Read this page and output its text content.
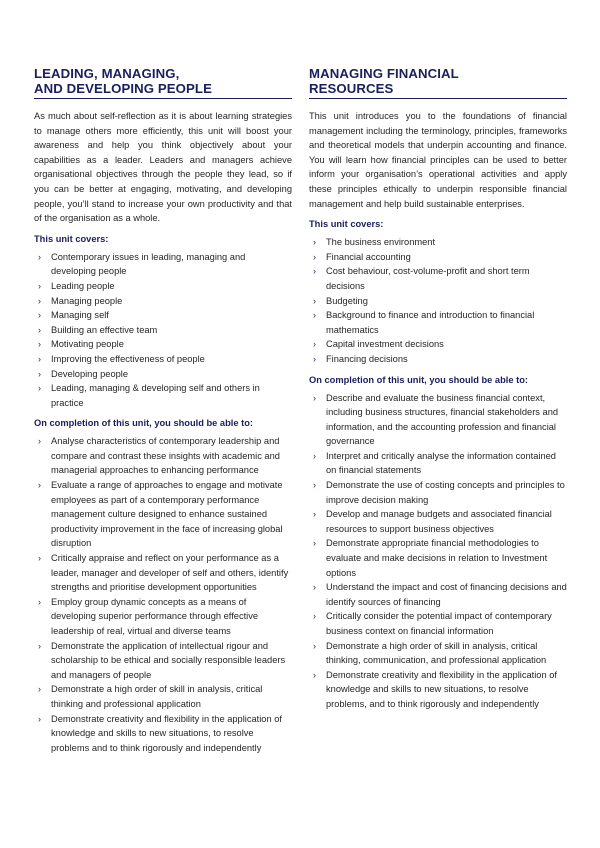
LEADING, MANAGING,
AND DEVELOPING PEOPLE

As much about self-reflection as it is about learning strategies to manage others more efficiently, this unit will boost your awareness and help you think objectively about your capabilities as a leader. Leaders and managers achieve organisational objectives through the people they lead, so if you can be better at engaging, motivating, and developing people, you’ll stand to increase your own productivity and that of the organisation as a whole.

This unit covers:
› Contemporary issues in leading, managing and developing people
› Leading people
› Managing people
› Managing self
› Building an effective team
› Motivating people
› Improving the effectiveness of people
› Developing people
› Leading, managing & developing self and others in practice
On completion of this unit, you should be able to:
› Analyse characteristics of contemporary leadership and compare and contrast these insights with academic and managerial approaches to enhancing performance
› Evaluate a range of approaches to engage and motivate employees as part of a contemporary performance management culture designed to enhance sustained productivity improvement in the face of increasing global disruption
› Critically appraise and reflect on your performance as a leader, manager and developer of self and others, identify strengths and prioritise development opportunities
› Employ group dynamic concepts as a means of developing superior performance through effective leadership of real, virtual and diverse teams
› Demonstrate the application of intellectual rigour and scholarship to be ethical and socially responsible leaders and managers of people
› Demonstrate a high order of skill in analysis, critical thinking and professional application
› Demonstrate creativity and flexibility in the application of knowledge and skills to new situations, to resolve problems and to think rigorously and independently
MANAGING FINANCIAL
RESOURCES

This unit introduces you to the foundations of financial management including the terminology, principles, frameworks and theoretical models that underpin accounting and finance. You will learn how financial principles can be used to better inform your organisation’s operational activities and apply these principles ethically to underpin responsible financial management and help build sustainable enterprises.

This unit covers:
› The business environment
› Financial accounting
› Cost behaviour, cost-volume-profit and short term decisions
› Budgeting
› Background to finance and introduction to financial mathematics
› Capital investment decisions
› Financing decisions
On completion of this unit, you should be able to:
› Describe and evaluate the business financial context, including business structures, financial stakeholders and information, and the accounting profession and financial governance
› Interpret and critically analyse the information contained on financial statements
› Demonstrate the use of costing concepts and principles to improve decision making
› Develop and manage budgets and associated financial resources to support business objectives
› Demonstrate appropriate financial methodologies to evaluate and make decisions in relation to Investment options
› Understand the impact and cost of financing decisions and identify sources of financing
› Critically consider the potential impact of contemporary business context on financial information
› Demonstrate a high order of skill in analysis, critical thinking, communication, and professional application
› Demonstrate creativity and flexibility in the application of knowledge and skills to new situations, to resolve problems, and to think rigorously and independently
